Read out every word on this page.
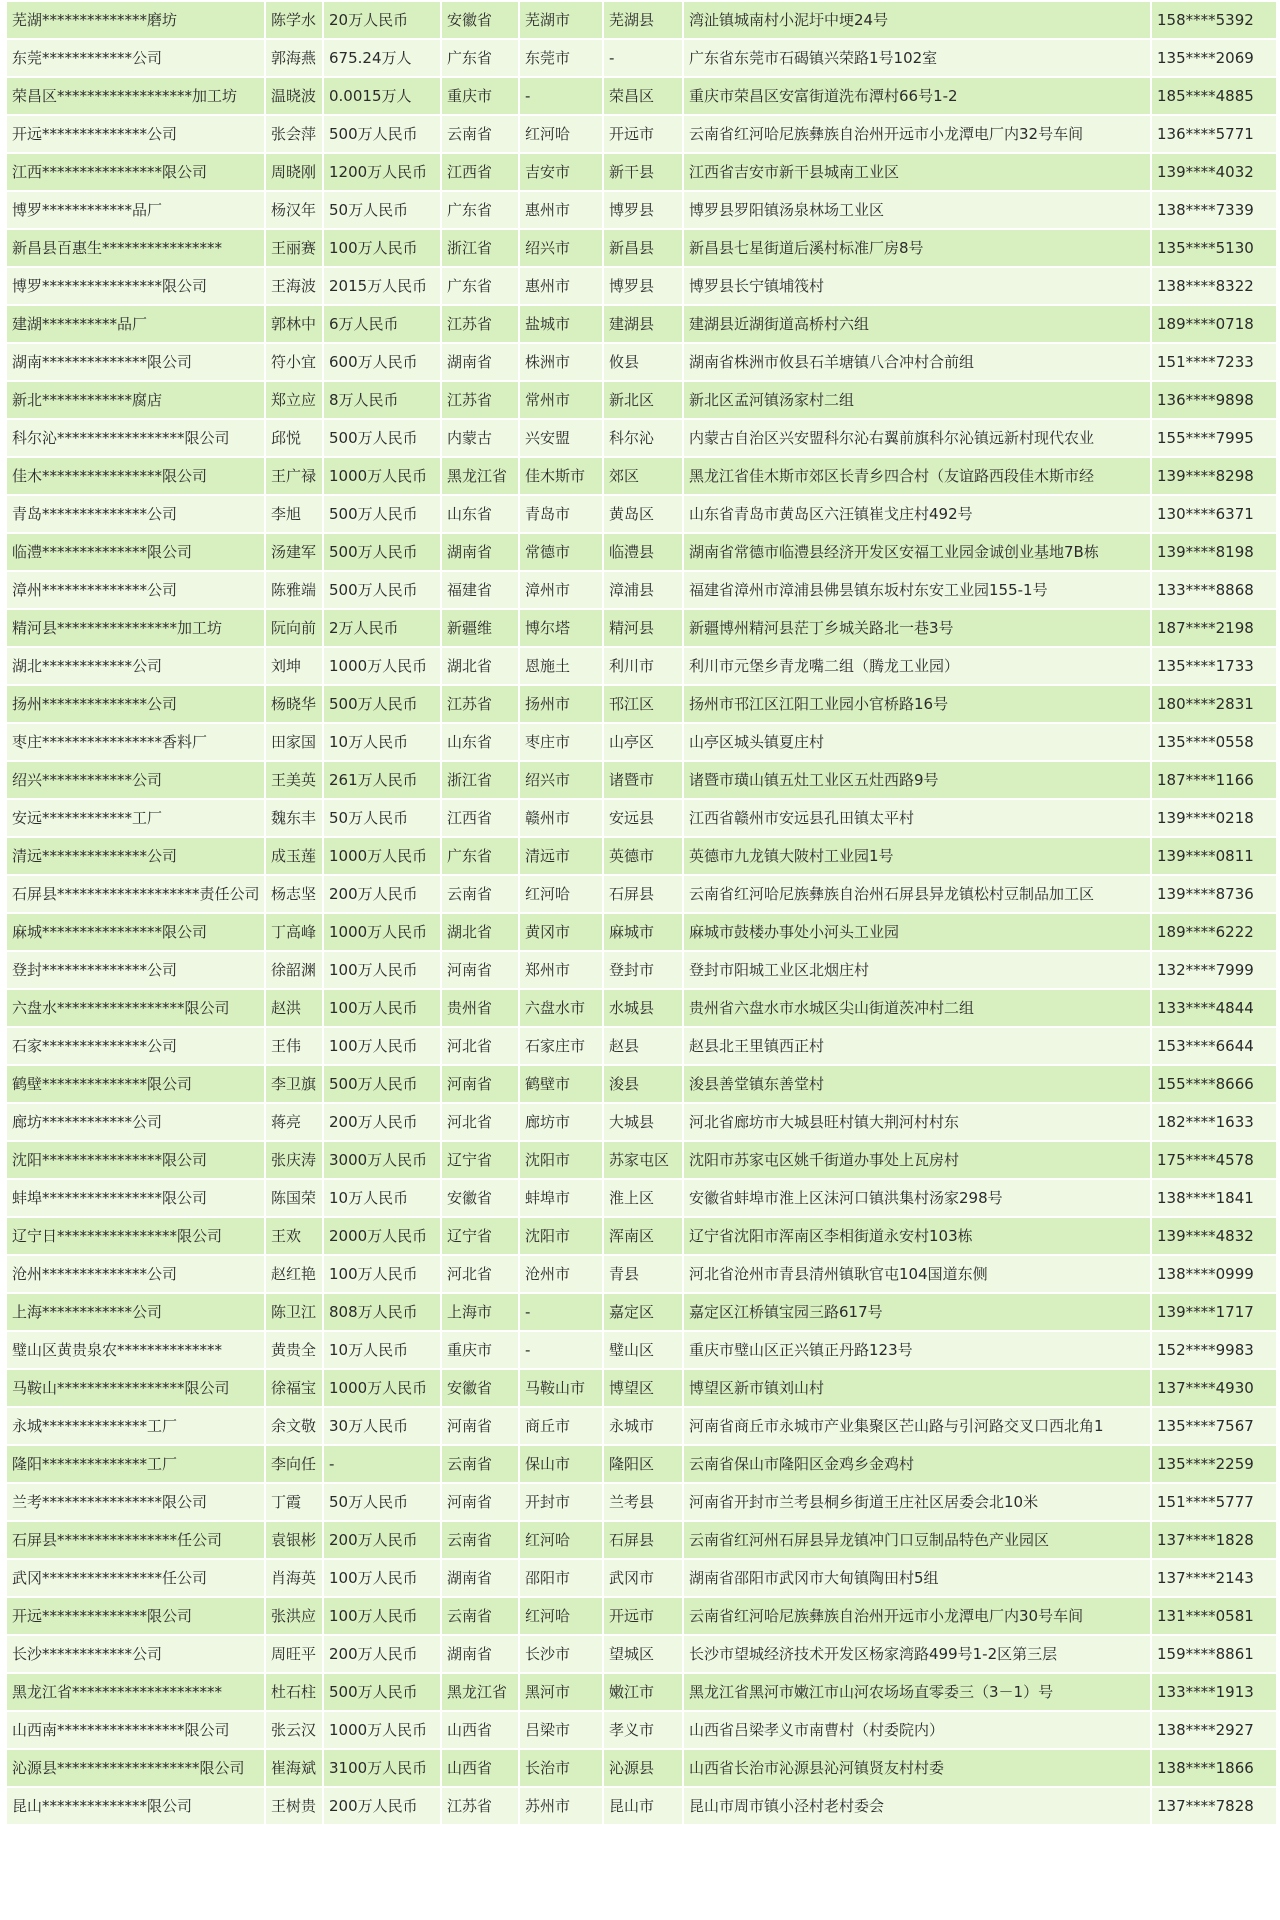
芜湖**************磨坊	陈学水	20万人民币	安徽省	芜湖市	芜湖县	湾沚镇城南村小泥圩中埂24号	158****5392
东莞************公司	郭海燕	675.24万人	广东省	东莞市	-	广东省东莞市石碣镇兴荣路1号102室	135****2069
荣昌区******************加工坊	温晓波	0.0015万人	重庆市	-	荣昌区	重庆市荣昌区安富街道洗布潭村66号1-2	185****4885
开远**************公司	张会萍	500万人民币	云南省	红河哈	开远市	云南省红河哈尼族彝族自治州开远市小龙潭电厂内32号车间	136****5771
江西****************限公司	周晓刚	1200万人民币	江西省	吉安市	新干县	江西省吉安市新干县城南工业区	139****4032
博罗************品厂	杨汉年	50万人民币	广东省	惠州市	博罗县	博罗县罗阳镇汤泉林场工业区	138****7339
新昌县百惠生****************	王丽赛	100万人民币	浙江省	绍兴市	新昌县	新昌县七星街道后溪村标准厂房8号	135****5130
博罗****************限公司	王海波	2015万人民币	广东省	惠州市	博罗县	博罗县长宁镇埔筏村	138****8322
建湖**********品厂	郭林中	6万人民币	江苏省	盐城市	建湖县	建湖县近湖街道高桥村六组	189****0718
湖南**************限公司	符小宜	600万人民币	湖南省	株洲市	攸县	湖南省株洲市攸县石羊塘镇八合冲村合前组	151****7233
新北************腐店	郑立应	8万人民币	江苏省	常州市	新北区	新北区孟河镇汤家村二组	136****9898
科尔沁*****************限公司	邱悦	500万人民币	内蒙古	兴安盟	科尔沁	内蒙古自治区兴安盟科尔沁右翼前旗科尔沁镇远新村现代农业	155****7995
佳木****************限公司	王广禄	1000万人民币	黑龙江省	佳木斯市	郊区	黑龙江省佳木斯市郊区长青乡四合村（友谊路西段佳木斯市经	139****8298
青岛**************公司	李旭	500万人民币	山东省	青岛市	黄岛区	山东省青岛市黄岛区六汪镇崔戈庄村492号	130****6371
临澧**************限公司	汤建军	500万人民币	湖南省	常德市	临澧县	湖南省常德市临澧县经济开发区安福工业园金诚创业基地7B栋	139****8198
漳州**************公司	陈雅端	500万人民币	福建省	漳州市	漳浦县	福建省漳州市漳浦县佛昙镇东坂村东安工业园155-1号	133****8868
精河县****************加工坊	阮向前	2万人民币	新疆维	博尔塔	精河县	新疆博州精河县茫丁乡城关路北一巷3号	187****2198
湖北************公司	刘坤	1000万人民币	湖北省	恩施土	利川市	利川市元堡乡青龙嘴二组（腾龙工业园）	135****1733
扬州**************公司	杨晓华	500万人民币	江苏省	扬州市	邗江区	扬州市邗江区江阳工业园小官桥路16号	180****2831
枣庄****************香料厂	田家国	10万人民币	山东省	枣庄市	山亭区	山亭区城头镇夏庄村	135****0558
绍兴************公司	王美英	261万人民币	浙江省	绍兴市	诸暨市	诸暨市璜山镇五灶工业区五灶西路9号	187****1166
安远************工厂	魏东丰	50万人民币	江西省	赣州市	安远县	江西省赣州市安远县孔田镇太平村	139****0218
清远**************公司	成玉莲	1000万人民币	广东省	清远市	英德市	英德市九龙镇大陂村工业园1号	139****0811
石屏县*******************责任公司	杨志坚	200万人民币	云南省	红河哈	石屏县	云南省红河哈尼族彝族自治州石屏县异龙镇松村豆制品加工区	139****8736
麻城****************限公司	丁高峰	1000万人民币	湖北省	黄冈市	麻城市	麻城市鼓楼办事处小河头工业园	189****6222
登封**************公司	徐韶渊	100万人民币	河南省	郑州市	登封市	登封市阳城工业区北烟庄村	132****7999
六盘水*****************限公司	赵洪	100万人民币	贵州省	六盘水市	水城县	贵州省六盘水市水城区尖山街道茨冲村二组	133****4844
石家**************公司	王伟	100万人民币	河北省	石家庄市	赵县	赵县北王里镇西正村	153****6644
鹤壁**************限公司	李卫旗	500万人民币	河南省	鹤壁市	浚县	浚县善堂镇东善堂村	155****8666
廊坊************公司	蒋亮	200万人民币	河北省	廊坊市	大城县	河北省廊坊市大城县旺村镇大荆河村村东	182****1633
沈阳****************限公司	张庆涛	3000万人民币	辽宁省	沈阳市	苏家屯区	沈阳市苏家屯区姚千街道办事处上瓦房村	175****4578
蚌埠****************限公司	陈国荣	10万人民币	安徽省	蚌埠市	淮上区	安徽省蚌埠市淮上区沫河口镇洪集村汤家298号	138****1841
辽宁日****************限公司	王欢	2000万人民币	辽宁省	沈阳市	浑南区	辽宁省沈阳市浑南区李相街道永安村103栋	139****4832
沧州**************公司	赵红艳	100万人民币	河北省	沧州市	青县	河北省沧州市青县清州镇耿官屯104国道东侧	138****0999
上海************公司	陈卫江	808万人民币	上海市	-	嘉定区	嘉定区江桥镇宝园三路617号	139****1717
璧山区黄贵泉农**************	黄贵全	10万人民币	重庆市	-	璧山区	重庆市璧山区正兴镇正丹路123号	152****9983
马鞍山*****************限公司	徐福宝	1000万人民币	安徽省	马鞍山市	博望区	博望区新市镇刘山村	137****4930
永城**************工厂	余文敬	30万人民币	河南省	商丘市	永城市	河南省商丘市永城市产业集聚区芒山路与引河路交叉口西北角1	135****7567
隆阳**************工厂	李向任	-	云南省	保山市	隆阳区	云南省保山市隆阳区金鸡乡金鸡村	135****2259
兰考****************限公司	丁霞	50万人民币	河南省	开封市	兰考县	河南省开封市兰考县桐乡街道王庄社区居委会北10米	151****5777
石屏县****************任公司	袁银彬	200万人民币	云南省	红河哈	石屏县	云南省红河州石屏县异龙镇冲门口豆制品特色产业园区	137****1828
武冈****************任公司	肖海英	100万人民币	湖南省	邵阳市	武冈市	湖南省邵阳市武冈市大甸镇陶田村5组	137****2143
开远**************限公司	张洪应	100万人民币	云南省	红河哈	开远市	云南省红河哈尼族彝族自治州开远市小龙潭电厂内30号车间	131****0581
长沙************公司	周旺平	200万人民币	湖南省	长沙市	望城区	长沙市望城经济技术开发区杨家湾路499号1-2区第三层	159****8861
黑龙江省********************	杜石柱	500万人民币	黑龙江省	黑河市	嫩江市	黑龙江省黑河市嫩江市山河农场场直零委三（3－1）号	133****1913
山西南*****************限公司	张云汉	1000万人民币	山西省	吕梁市	孝义市	山西省吕梁孝义市南曹村（村委院内）	138****2927
沁源县*******************限公司	崔海斌	3100万人民币	山西省	长治市	沁源县	山西省长治市沁源县沁河镇贤友村村委	138****1866
昆山**************限公司	王树贵	200万人民币	江苏省	苏州市	昆山市	昆山市周市镇小泾村老村委会	137****7828
